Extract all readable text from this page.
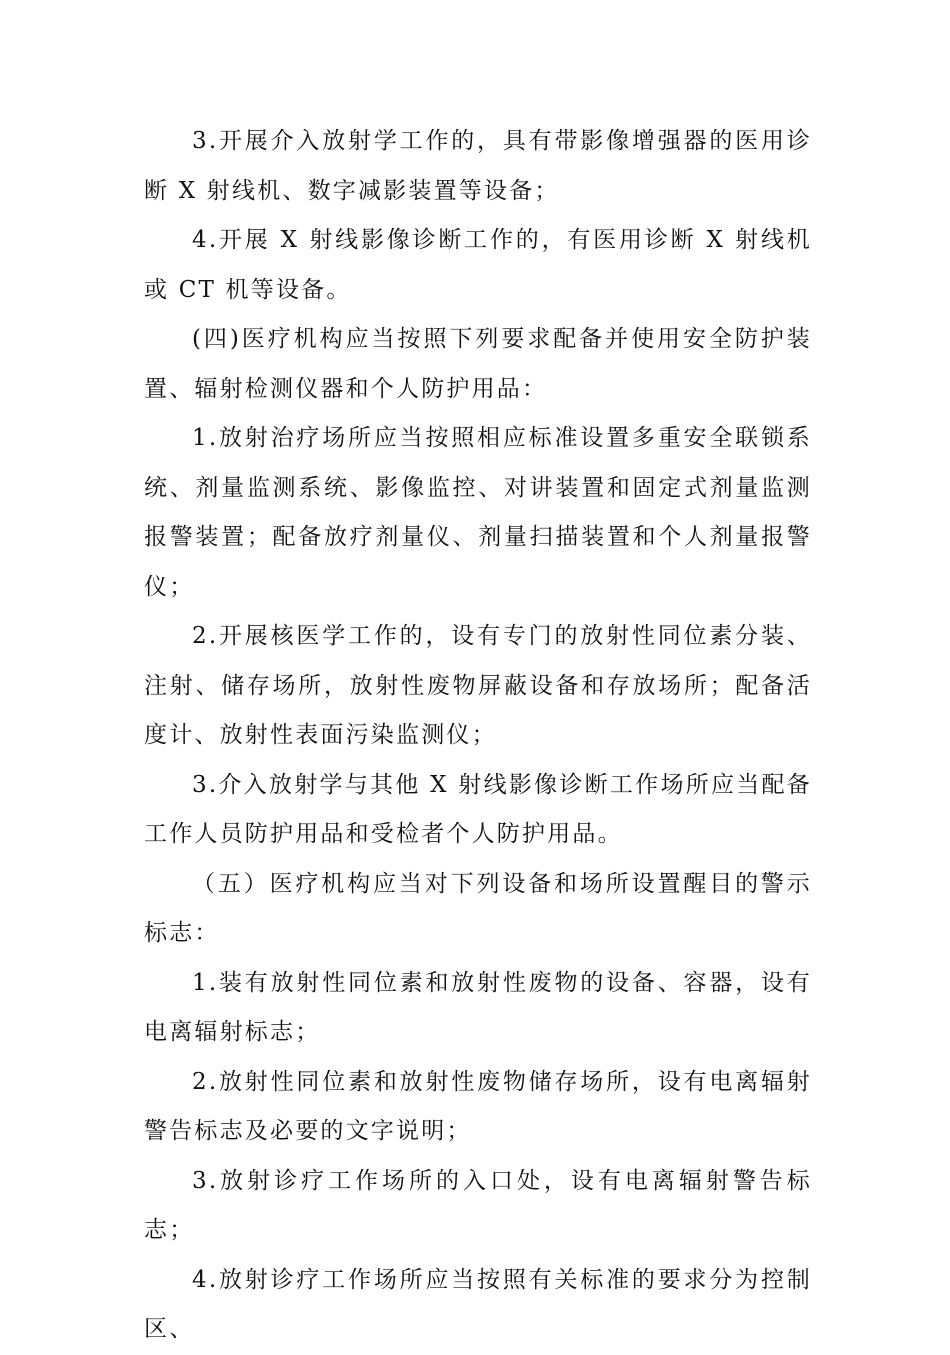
3.开展介入放射学工作的，具有带影像增强器的医用诊断 X 射线机、数字减影装置等设备；

4.开展 X 射线影像诊断工作的，有医用诊断 X 射线机或 CT 机等设备。

(四)医疗机构应当按照下列要求配备并使用安全防护装置、辐射检测仪器和个人防护用品：

1.放射治疗场所应当按照相应标准设置多重安全联锁系统、剂量监测系统、影像监控、对讲装置和固定式剂量监测报警装置；配备放疗剂量仪、剂量扫描装置和个人剂量报警仪；

2.开展核医学工作的，设有专门的放射性同位素分装、注射、储存场所，放射性废物屏蔽设备和存放场所；配备活度计、放射性表面污染监测仪；

3.介入放射学与其他 X 射线影像诊断工作场所应当配备工作人员防护用品和受检者个人防护用品。

（五）医疗机构应当对下列设备和场所设置醒目的警示标志：

1.装有放射性同位素和放射性废物的设备、容器，设有电离辐射标志；

2.放射性同位素和放射性废物储存场所，设有电离辐射警告标志及必要的文字说明；

3.放射诊疗工作场所的入口处，设有电离辐射警告标志；

4.放射诊疗工作场所应当按照有关标准的要求分为控制区、
